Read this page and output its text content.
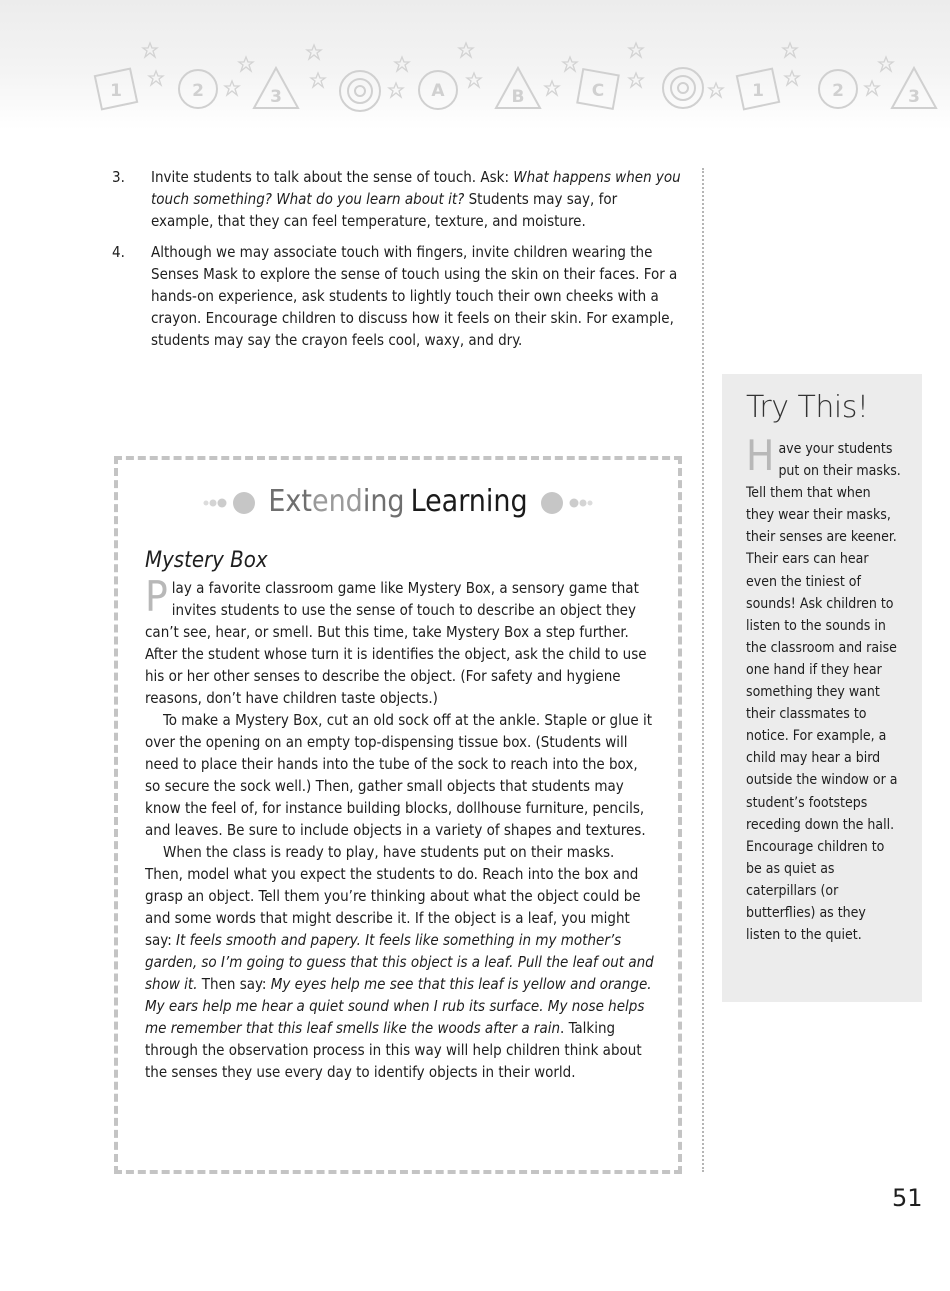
1	2	3	A	B	C	1	2	3
3. Invite students to talk about the sense of touch. Ask: What happens when you touch something? What do you learn about it? Students may say, for example, that they can feel temperature, texture, and moisture.
4. Although we may associate touch with fingers, invite children wearing the Senses Mask to explore the sense of touch using the skin on their faces. For a hands-on experience, ask students to lightly touch their own cheeks with a crayon. Encourage children to discuss how it feels on their skin. For example, students may say the crayon feels cool, waxy, and dry.
Extending Learning
Mystery Box

Play a favorite classroom game like Mystery Box, a sensory game that invites students to use the sense of touch to describe an object they can’t see, hear, or smell. But this time, take Mystery Box a step further. After the student whose turn it is identifies the object, ask the child to use his or her other senses to describe the object. (For safety and hygiene reasons, don’t have children taste objects.)

To make a Mystery Box, cut an old sock off at the ankle. Staple or glue it over the opening on an empty top-dispensing tissue box. (Students will need to place their hands into the tube of the sock to reach into the box, so secure the sock well.) Then, gather small objects that students may know the feel of, for instance building blocks, dollhouse furniture, pencils, and leaves. Be sure to include objects in a variety of shapes and textures.

When the class is ready to play, have students put on their masks. Then, model what you expect the students to do. Reach into the box and grasp an object. Tell them you’re thinking about what the object could be and some words that might describe it. If the object is a leaf, you might say: It feels smooth and papery. It feels like something in my mother’s garden, so I’m going to guess that this object is a leaf. Pull the leaf out and show it. Then say: My eyes help me see that this leaf is yellow and orange. My ears help me hear a quiet sound when I rub its surface. My nose helps me remember that this leaf smells like the woods after a rain. Talking through the observation process in this way will help children think about the senses they use every day to identify objects in their world.

Try This!
Have your students put on their masks. Tell them that when they wear their masks, their senses are keener. Their ears can hear even the tiniest of sounds! Ask children to listen to the sounds in the classroom and raise one hand if they hear something they want their classmates to notice. For example, a child may hear a bird outside the window or a student’s footsteps receding down the hall. Encourage children to be as quiet as caterpillars (or butterflies) as they listen to the quiet.
51
